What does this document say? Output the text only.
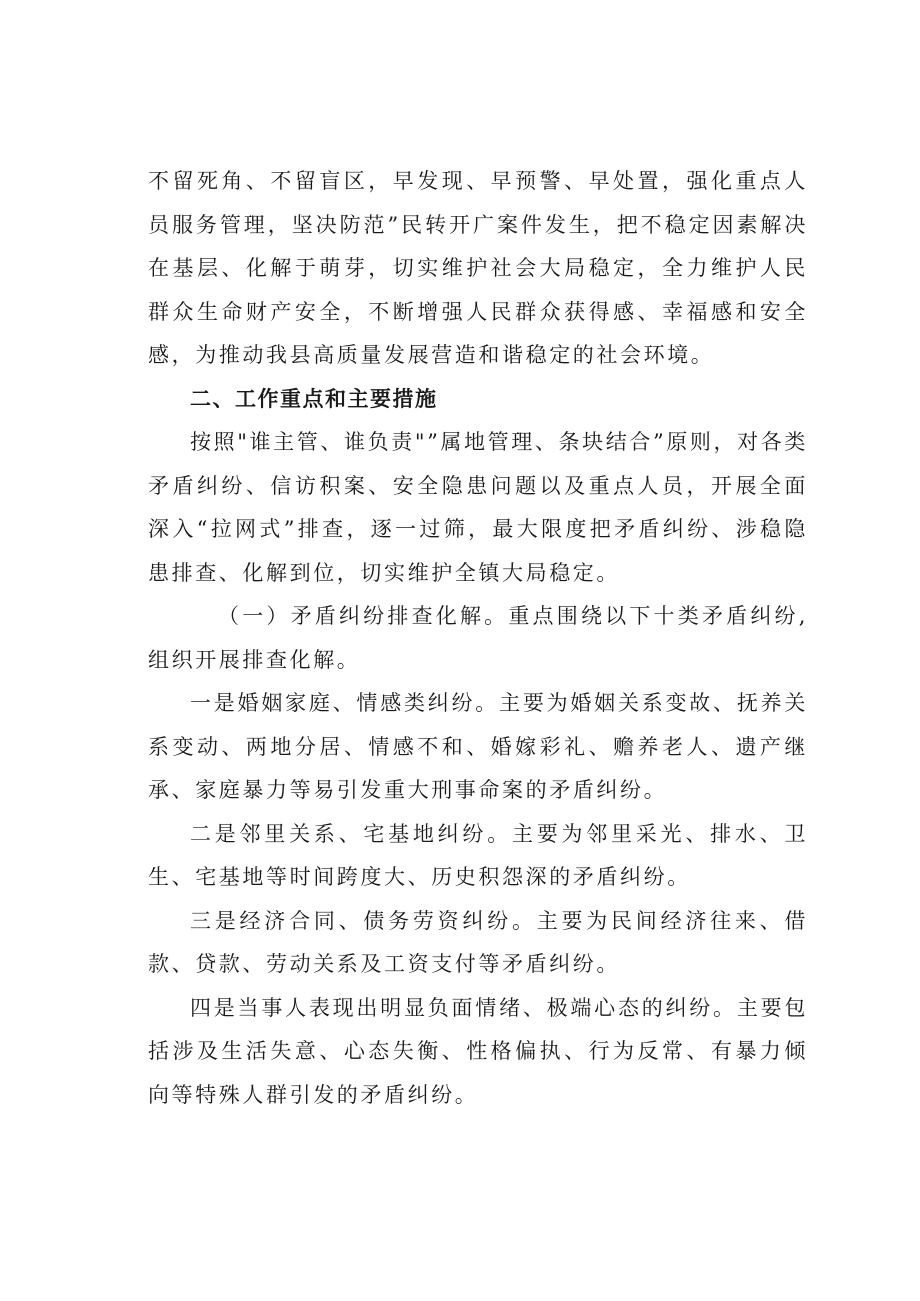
不留死角、不留盲区，早发现、早预警、早处置，强化重点人员服务管理，坚决防范”民转开广案件发生，把不稳定因素解决在基层、化解于萌芽，切实维护社会大局稳定，全力维护人民群众生命财产安全，不断增强人民群众获得感、幸福感和安全感，为推动我县高质量发展营造和谐稳定的社会环境。

二、工作重点和主要措施

按照"谁主管、谁负责"”属地管理、条块结合”原则，对各类矛盾纠纷、信访积案、安全隐患问题以及重点人员，开展全面深入“拉网式”排查，逐一过筛，最大限度把矛盾纠纷、涉稳隐患排查、化解到位，切实维护全镇大局稳定。

（一）矛盾纠纷排查化解。重点围绕以下十类矛盾纠纷,组织开展排查化解。

一是婚姻家庭、情感类纠纷。主要为婚姻关系变故、抚养关系变动、两地分居、情感不和、婚嫁彩礼、赡养老人、遗产继承、家庭暴力等易引发重大刑事命案的矛盾纠纷。

二是邻里关系、宅基地纠纷。主要为邻里采光、排水、卫生、宅基地等时间跨度大、历史积怨深的矛盾纠纷。

三是经济合同、债务劳资纠纷。主要为民间经济往来、借款、贷款、劳动关系及工资支付等矛盾纠纷。

四是当事人表现出明显负面情绪、极端心态的纠纷。主要包括涉及生活失意、心态失衡、性格偏执、行为反常、有暴力倾向等特殊人群引发的矛盾纠纷。
